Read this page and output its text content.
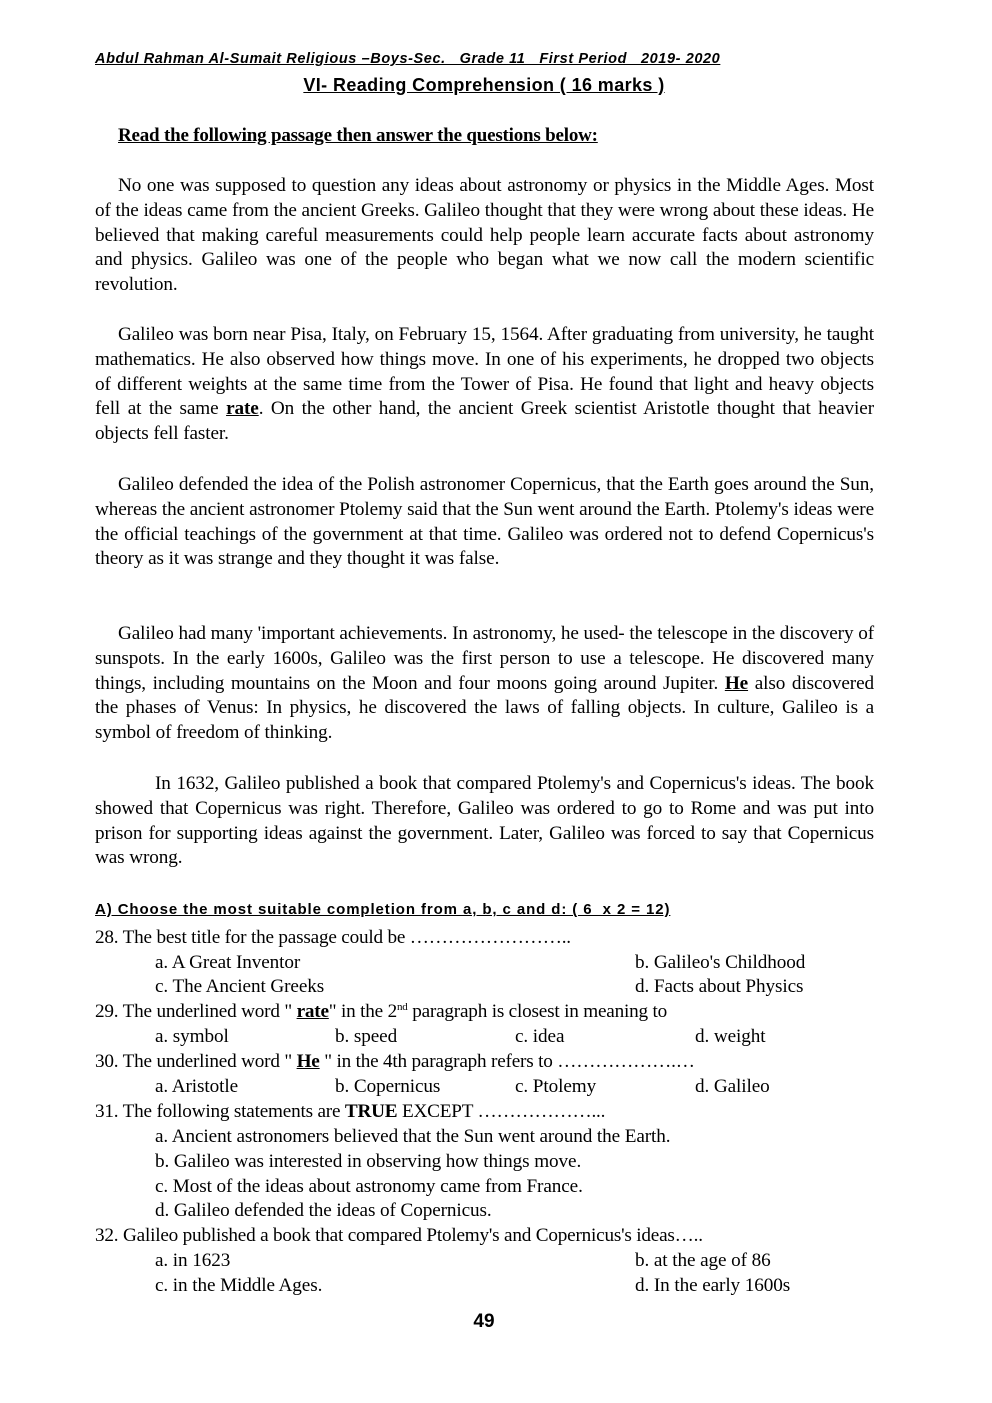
Abdul Rahman Al-Sumait Religious –Boys-Sec.   Grade 11   First Period   2019- 2020
VI- Reading Comprehension ( 16 marks )
Read the following passage then answer the questions below:
No one was supposed to question any ideas about astronomy or physics in the Middle Ages. Most of the ideas came from the ancient Greeks. Galileo thought that they were wrong about these ideas. He believed that making careful measurements could help people learn accurate facts about astronomy and physics. Galileo was one of the people who began what we now call the modern scientific revolution.
Galileo was born near Pisa, Italy, on February 15, 1564. After graduating from university, he taught mathematics. He also observed how things move. In one of his experiments, he dropped two objects of different weights at the same time from the Tower of Pisa. He found that light and heavy objects fell at the same rate. On the other hand, the ancient Greek scientist Aristotle thought that heavier objects fell faster.
Galileo defended the idea of the Polish astronomer Copernicus, that the Earth goes around the Sun, whereas the ancient astronomer Ptolemy said that the Sun went around the Earth. Ptolemy's ideas were the official teachings of the government at that time. Galileo was ordered not to defend Copernicus's theory as it was strange and they thought it was false.
Galileo had many 'important achievements. In astronomy, he used- the telescope in the discovery of sunspots. In the early 1600s, Galileo was the first person to use a telescope. He discovered many things, including mountains on the Moon and four moons going around Jupiter. He also discovered the phases of Venus: In physics, he discovered the laws of falling objects. In culture, Galileo is a symbol of freedom of thinking.
In 1632, Galileo published a book that compared Ptolemy's and Copernicus's ideas. The book showed that Copernicus was right. Therefore, Galileo was ordered to go to Rome and was put into prison for supporting ideas against the government. Later, Galileo was forced to say that Copernicus was wrong.
A) Choose the most suitable completion from a, b, c and d: ( 6  x 2 = 12)
28. The best title for the passage could be ……………………..
a. A Great Inventor	b. Galileo's Childhood
c. The Ancient Greeks	d. Facts about Physics
29. The underlined word " rate" in the 2nd paragraph is closest in meaning to
a. symbol	b. speed	c. idea	d. weight
30. The underlined word " He " in the 4th paragraph refers to ……………….…
a. Aristotle	b. Copernicus	c. Ptolemy	d. Galileo
31. The following statements are TRUE EXCEPT ………………...
a. Ancient astronomers believed that the Sun went around the Earth.
b. Galileo was interested in observing how things move.
c. Most of the ideas about astronomy came from France.
d. Galileo defended the ideas of Copernicus.
32. Galileo published a book that compared Ptolemy's and Copernicus's ideas…..
a. in 1623	b. at the age of 86
c. in the Middle Ages.	d. In the early 1600s
49
